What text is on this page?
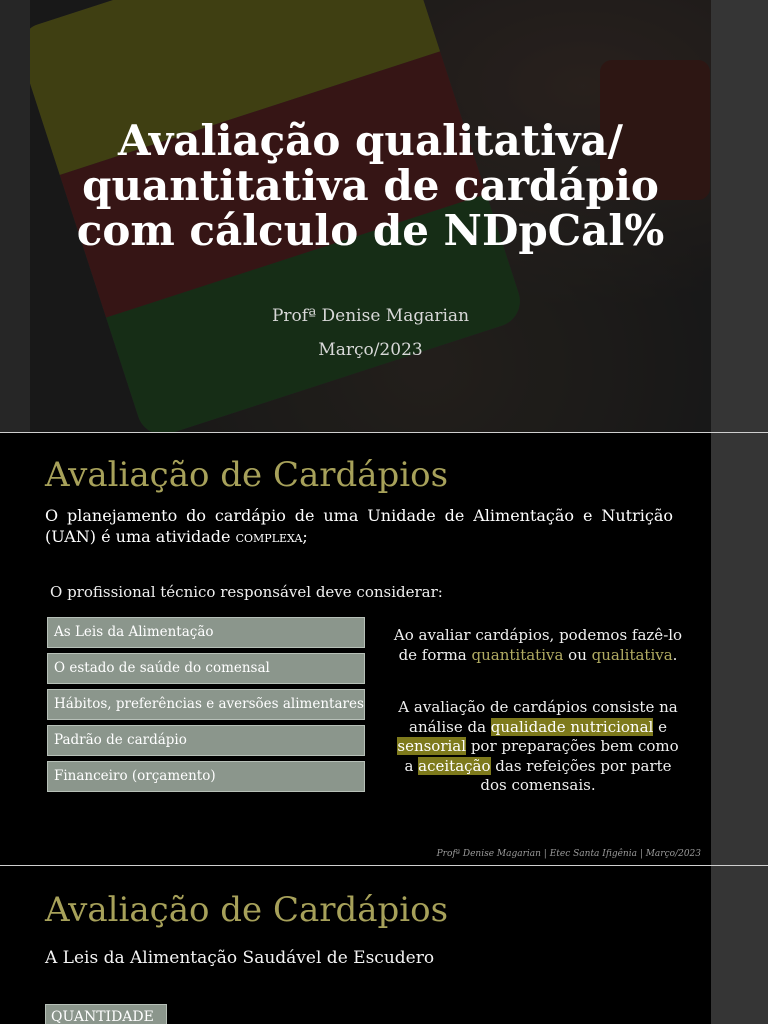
Avaliação qualitativa/
quantitativa de cardápio
com cálculo de NDpCal%
Profª Denise Magarian
Março/2023
Avaliação de Cardápios
O planejamento do cardápio de uma Unidade de Alimentação e Nutrição (UAN) é uma atividade complexa;
O profissional técnico responsável deve considerar:
As Leis da Alimentação
O estado de saúde do comensal
Hábitos, preferências e aversões alimentares
Padrão de cardápio
Financeiro (orçamento)
Ao avaliar cardápios, podemos fazê-lo de forma quantitativa ou qualitativa.
A avaliação de cardápios consiste na análise da qualidade nutricional e sensorial por preparações bem como a aceitação das refeições por parte dos comensais.
Profª Denise Magarian | Etec Santa Ifigênia | Março/2023
Avaliação de Cardápios
A Leis da Alimentação Saudável de Escudero
QUANTIDADE
